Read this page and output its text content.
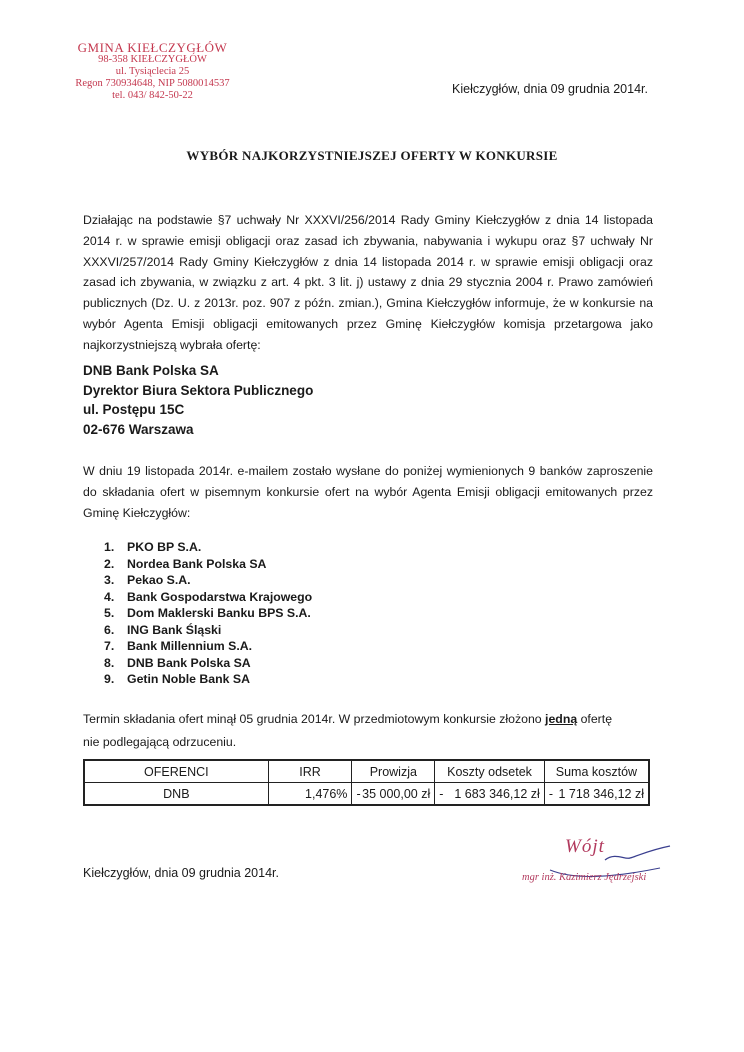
GMINA KIEŁCZYGŁÓW
98-358 KIEŁCZYGŁÓW
ul. Tysiąclecia 25
Regon 730934648, NIP 5080014537
tel. 043/ 842-50-22	Kiełczygłów, dnia 09 grudnia 2014r.
WYBÓR NAJKORZYSTNIEJSZEJ OFERTY W KONKURSIE
Działając na podstawie §7 uchwały Nr XXXVI/256/2014 Rady Gminy Kiełczygłów z dnia 14 listopada 2014 r. w sprawie emisji obligacji oraz zasad ich zbywania, nabywania i wykupu oraz §7 uchwały Nr XXXVI/257/2014 Rady Gminy Kiełczygłów z dnia 14 listopada 2014 r. w sprawie emisji obligacji oraz zasad ich zbywania, w związku z art. 4 pkt. 3 lit. j) ustawy z dnia 29 stycznia 2004 r. Prawo zamówień publicznych (Dz. U. z 2013r. poz. 907 z późn. zmian.), Gmina Kiełczygłów informuje, że w konkursie na wybór Agenta Emisji obligacji emitowanych przez Gminę Kiełczygłów komisja przetargowa jako najkorzystniejszą wybrała ofertę:
DNB Bank Polska SA
Dyrektor Biura Sektora Publicznego
ul. Postępu 15C
02-676 Warszawa
W dniu 19 listopada 2014r. e-mailem zostało wysłane do poniżej wymienionych 9 banków zaproszenie do składania ofert w pisemnym konkursie ofert na wybór Agenta Emisji obligacji emitowanych przez Gminę Kiełczygłów:
1.	PKO BP S.A.
2.	Nordea Bank Polska SA
3.	Pekao S.A.
4.	Bank Gospodarstwa Krajowego
5.	Dom Maklerski Banku BPS S.A.
6.	ING Bank Śląski
7.	Bank Millennium S.A.
8.	DNB Bank Polska SA
9.	Getin Noble Bank SA
Termin składania ofert minął 05 grudnia 2014r. W przedmiotowym konkursie złożono jedną ofertę
nie podlegającą odrzuceniu.
OFERENCI	IRR	Prowizja	Koszty odsetek	Suma kosztów
DNB	1,476%	- 35 000,00 zł	- 1 683 346,12 zł	- 1 718 346,12 zł
Kiełczygłów, dnia 09 grudnia 2014r.
Wójt
mgr inż. Kazimierz Jędrzejski
